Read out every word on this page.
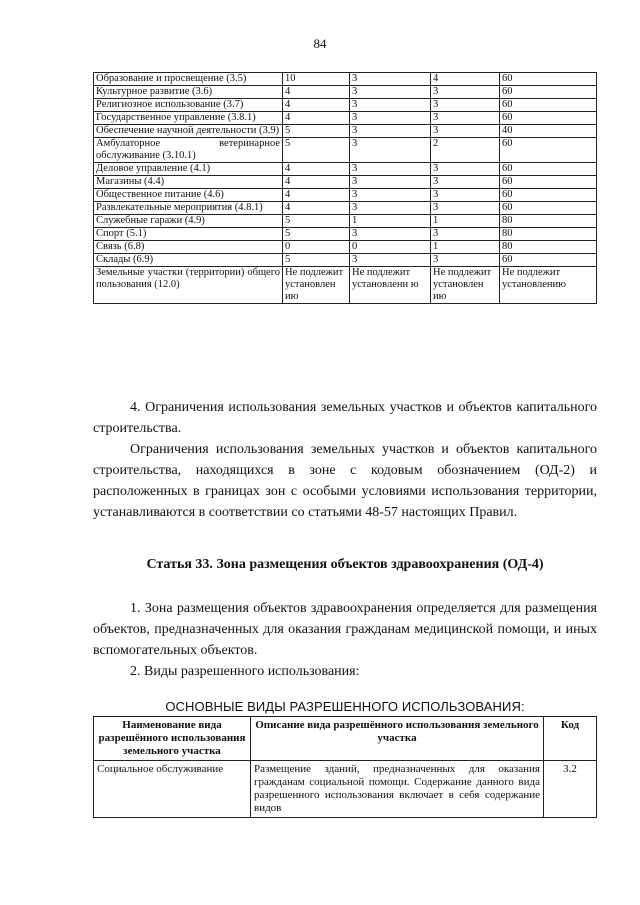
84
Образование и просвещение (3.5)	10	3	4	60
Культурное развитие (3.6)	4	3	3	60
Религиозное использование (3.7)	4	3	3	60
Государственное управление (3.8.1)	4	3	3	60
Обеспечение научной деятельности (3.9)	5	3	3	40
Амбулаторное ветеринарное обслуживание (3.10.1)	5	3	2	60
Деловое управление (4.1)	4	3	3	60
Магазины (4.4)	4	3	3	60
Общественное питание (4.6)	4	3	3	60
Развлекательные мероприятия (4.8.1)	4	3	3	60
Служебные гаражи (4.9)	5	1	1	80
Спорт (5.1)	5	3	3	80
Связь (6.8)	0	0	1	80
Склады (6.9)	5	3	3	60
Земельные участки (территории) общего пользования (12.0)	Не подлежит установлен ию	Не подлежит установлени ю	Не подлежит установлен ию	Не подлежит установлению

4. Ограничения использования земельных участков и объектов капитального строительства.

Ограничения использования земельных участков и объектов капитального строительства, находящихся в зоне с кодовым обозначением (ОД-2) и расположенных в границах зон с особыми условиями использования территории, устанавливаются в соответствии со статьями 48-57 настоящих Правил.

Статья 33. Зона размещения объектов здравоохранения (ОД-4)

1. Зона размещения объектов здравоохранения определяется для размещения объектов, предназначенных для оказания гражданам медицинской помощи, и иных вспомогательных объектов.

2. Виды разрешенного использования:

ОСНОВНЫЕ ВИДЫ РАЗРЕШЕННОГО ИСПОЛЬЗОВАНИЯ:
Наименование вида разрешённого использования земельного участка	Описание вида разрешённого использования земельного участка	Код
Социальное обслуживание	Размещение зданий, предназначенных для оказания гражданам социальной помощи. Содержание данного вида разрешенного использования включает в себя содержание видов	3.2
